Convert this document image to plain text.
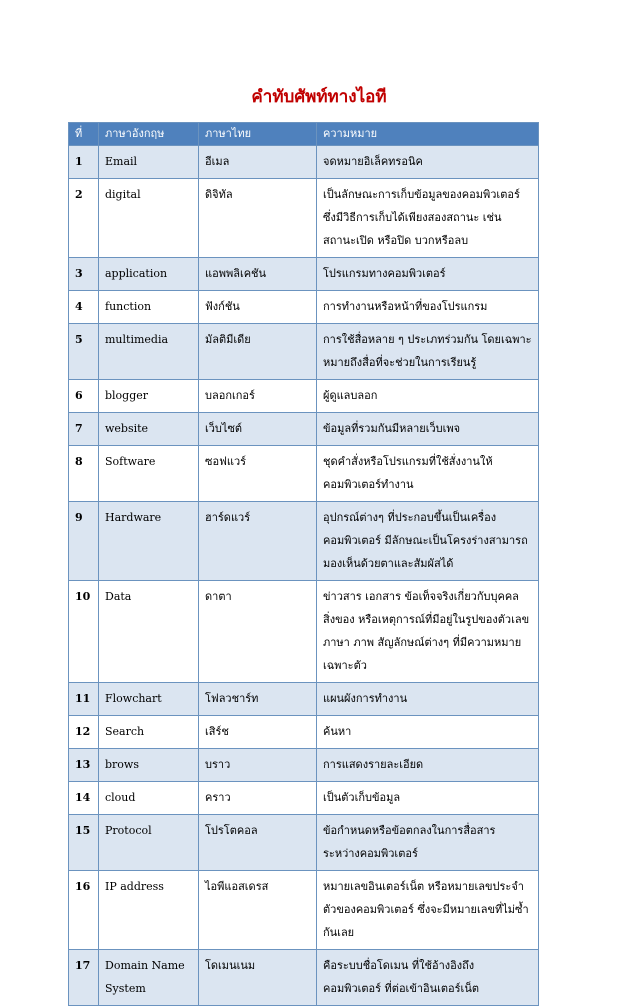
คำทับศัพท์ทางไอที
ที่	ภาษาอังกฤษ	ภาษาไทย	ความหมาย
1	Email	อีเมล	จดหมายอิเล็คทรอนิค
2	digital	ดิจิทัล	เป็นลักษณะการเก็บข้อมูลของคอมพิวเตอร์ ซึ่งมีวิธีการเก็บได้เพียงสองสถานะ เช่น สถานะเปิด หรือปิด บวกหรือลบ
3	application	แอพพลิเคชัน	โปรแกรมทางคอมพิวเตอร์
4	function	ฟังก์ชัน	การทำงานหรือหน้าที่ของโปรแกรม
5	multimedia	มัลติมีเดีย	การใช้สื่อหลาย ๆ ประเภทร่วมกัน โดยเฉพาะหมายถึงสื่อที่จะช่วยในการเรียนรู้
6	blogger	บลอกเกอร์	ผู้ดูแลบลอก
7	website	เว็บไซต์	ข้อมูลที่รวมกันมีหลายเว็บเพจ
8	Software	ซอฟแวร์	ชุดคำสั่งหรือโปรแกรมที่ใช้สั่งงานให้คอมพิวเตอร์ทำงาน
9	Hardware	ฮาร์ดแวร์	อุปกรณ์ต่างๆ ที่ประกอบขึ้นเป็นเครื่องคอมพิวเตอร์ มีลักษณะเป็นโครงร่างสามารถมองเห็นด้วยตาและสัมผัสได้
10	Data	ดาตา	ข่าวสาร เอกสาร ข้อเท็จจริงเกี่ยวกับบุคคล สิ่งของ หรือเหตุการณ์ที่มีอยู่ในรูปของตัวเลข ภาษา ภาพ สัญลักษณ์ต่างๆ ที่มีความหมายเฉพาะตัว
11	Flowchart	โฟลวชาร์ท	แผนผังการทำงาน
12	Search	เสิร์ช	ค้นหา
13	brows	บราว	การแสดงรายละเอียด
14	cloud	คราว	เป็นตัวเก็บข้อมูล
15	Protocol	โปรโตคอล	ข้อกำหนดหรือข้อตกลงในการสื่อสารระหว่างคอมพิวเตอร์
16	IP address	ไอพีแอสเดรส	หมายเลขอินเตอร์เน็ต หรือหมายเลขประจำตัวของคอมพิวเตอร์ ซึ่งจะมีหมายเลขที่ไม่ซ้ำกันเลย
17	Domain Name System	โดเมนเนม	คือระบบชื่อโดเมน ที่ใช้อ้างอิงถึงคอมพิวเตอร์ ที่ต่อเข้าอินเตอร์เน็ต
